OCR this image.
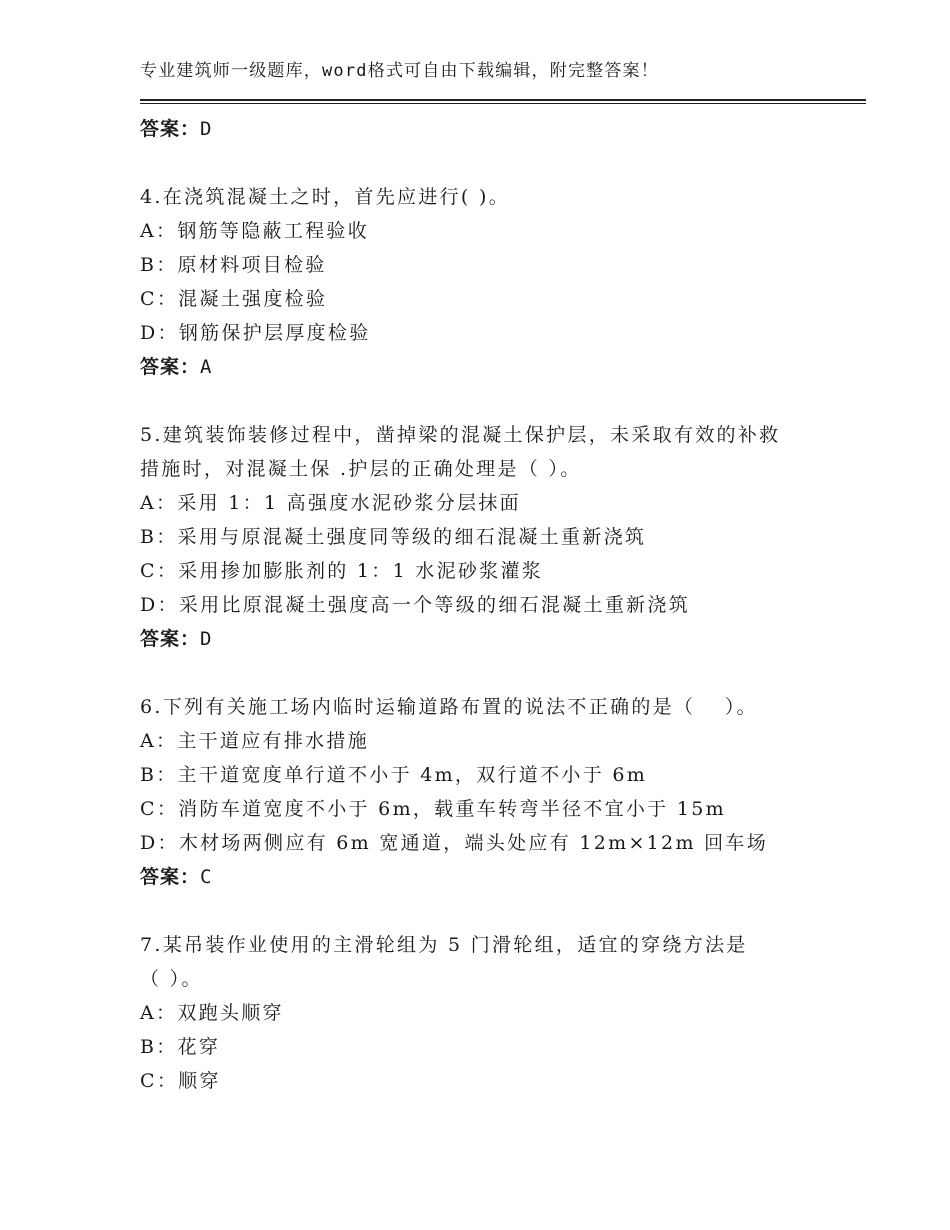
专业建筑师一级题库，word格式可自由下载编辑，附完整答案！
答案：D
4.在浇筑混凝土之时，首先应进行( )。
A：钢筋等隐蔽工程验收
B：原材料项目检验
C：混凝土强度检验
D：钢筋保护层厚度检验
答案：A
5.建筑装饰装修过程中，凿掉梁的混凝土保护层，未采取有效的补救
措施时，对混凝土保 .护层的正确处理是（ ）。
A：采用 1：1 高强度水泥砂浆分层抹面
B：采用与原混凝土强度同等级的细石混凝土重新浇筑
C：采用掺加膨胀剂的 1：1 水泥砂浆灌浆
D：采用比原混凝土强度高一个等级的细石混凝土重新浇筑
答案：D
6.下列有关施工场内临时运输道路布置的说法不正确的是（　 ）。
A：主干道应有排水措施
B：主干道宽度单行道不小于 4m，双行道不小于 6m
C：消防车道宽度不小于 6m，载重车转弯半径不宜小于 15m
D：木材场两侧应有 6m 宽通道，端头处应有 12m×12m 回车场
答案：C
7.某吊装作业使用的主滑轮组为 5 门滑轮组，适宜的穿绕方法是
（ ）。
A：双跑头顺穿
B：花穿
C：顺穿
